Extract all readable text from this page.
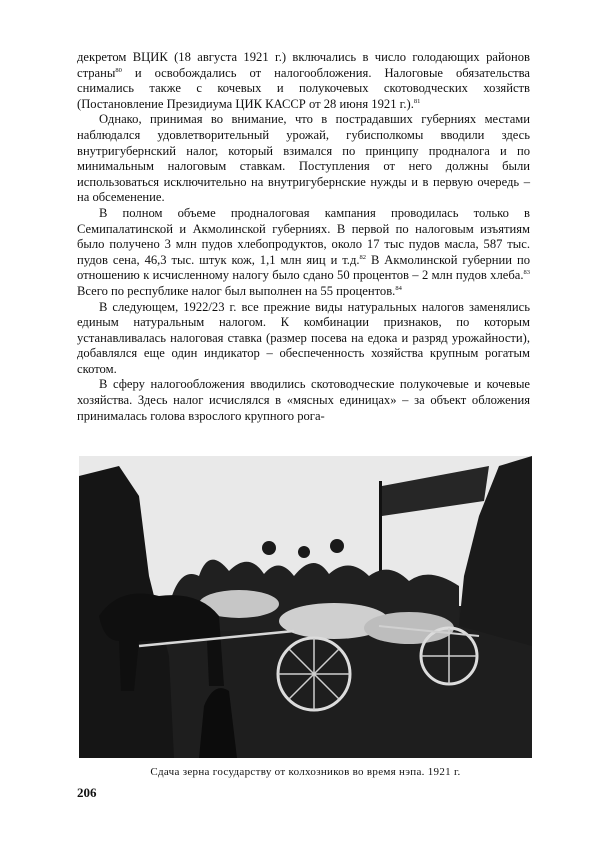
декретом ВЦИК (18 августа 1921 г.) включались в число голодающих районов страны$^{80}$ и освобождались от налогообложения. Налоговые обязательства снимались также с кочевых и полукочевых скотоводческих хозяйств (Постановление Президиума ЦИК КАССР от 28 июня 1921 г.).$^{81}$

Однако, принимая во внимание, что в пострадавших губерниях местами наблюдался удовлетворительный урожай, губисполкомы вводили здесь внутригубернский налог, который взимался по принципу продналога и по минимальным налоговым ставкам. Поступления от него должны были использоваться исключительно на внутригубернские нужды и в первую очередь – на обсеменение.

В полном объеме продналоговая кампания проводилась только в Семипалатинской и Акмолинской губерниях. В первой по налоговым изъятиям было получено 3 млн пудов хлебопродуктов, около 17 тыс пудов масла, 587 тыс. пудов сена, 46,3 тыс. штук кож, 1,1 млн яиц и т.д.$^{82}$ В Акмолинской губернии по отношению к исчисленному налогу было сдано 50 процентов – 2 млн пудов хлеба.$^{83}$ Всего по республике налог был выполнен на 55 процентов.$^{84}$

В следующем, 1922/23 г. все прежние виды натуральных налогов заменялись единым натуральным налогом. К комбинации признаков, по которым устанавливалась налоговая ставка (размер посева на едока и разряд урожайности), добавлялся еще один индикатор – обеспеченность хозяйства крупным рогатым скотом.

В сферу налогообложения вводились скотоводческие полукочевые и кочевые хозяйства. Здесь налог исчислялся в «мясных единицах» – за объект обложения принималась голова взрослого крупного рога-

Сдача зерна государству от колхозников во время нэпа. 1921 г.
206
